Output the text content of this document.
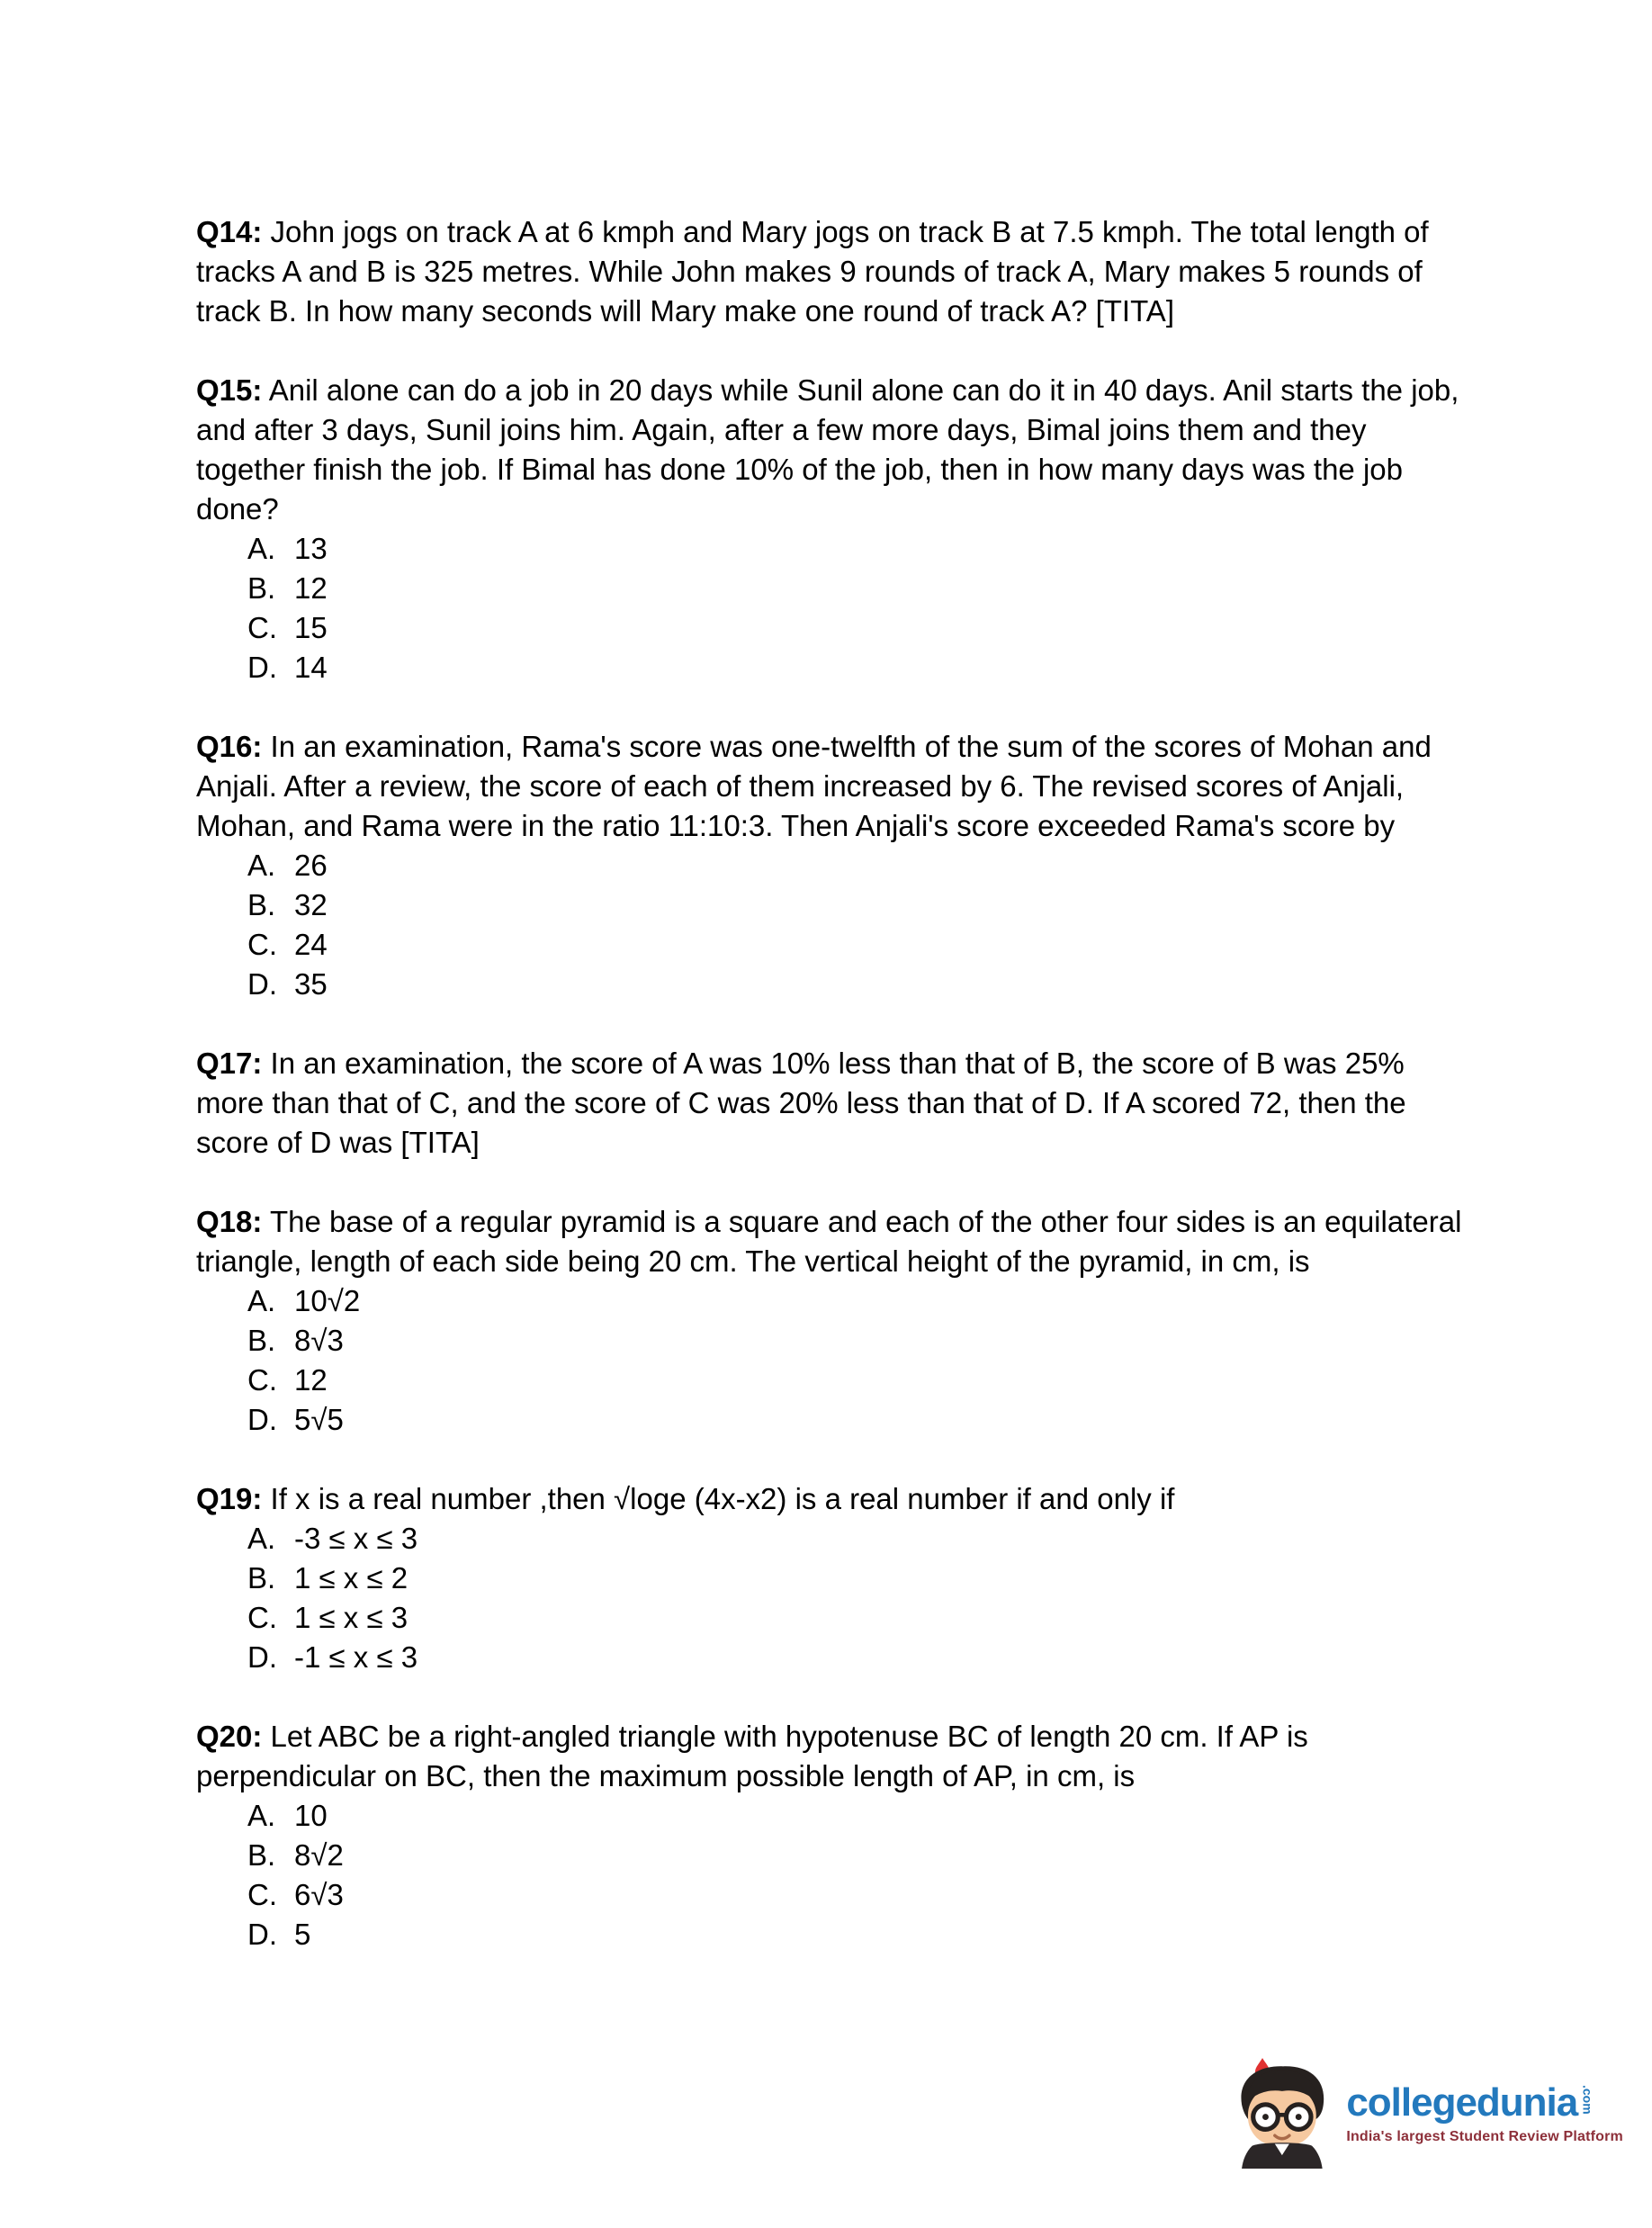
Q14: John jogs on track A at 6 kmph and Mary jogs on track B at 7.5 kmph. The total length of tracks A and B is 325 metres. While John makes 9 rounds of track A, Mary makes 5 rounds of track B. In how many seconds will Mary make one round of track A? [TITA]

Q15: Anil alone can do a job in 20 days while Sunil alone can do it in 40 days. Anil starts the job, and after 3 days, Sunil joins him. Again, after a few more days, Bimal joins them and they together finish the job. If Bimal has done 10% of the job, then in how many days was the job done?

A. 13
B. 12
C. 15
D. 14

Q16: In an examination, Rama's score was one-twelfth of the sum of the scores of Mohan and Anjali. After a review, the score of each of them increased by 6. The revised scores of Anjali, Mohan, and Rama were in the ratio 11:10:3. Then Anjali's score exceeded Rama's score by

A. 26
B. 32
C. 24
D. 35

Q17: In an examination, the score of A was 10% less than that of B, the score of B was 25% more than that of C, and the score of C was 20% less than that of D. If A scored 72, then the score of D was [TITA]

Q18: The base of a regular pyramid is a square and each of the other four sides is an equilateral triangle, length of each side being 20 cm. The vertical height of the pyramid, in cm, is

A. 10√2
B. 8√3
C. 12
D. 5√5

Q19: If x is a real number ,then √loge (4x-x2) is a real number if and only if

A. -3 ≤ x ≤ 3
B. 1 ≤ x ≤ 2
C. 1 ≤ x ≤ 3
D. -1 ≤ x ≤ 3

Q20: Let ABC be a right-angled triangle with hypotenuse BC of length 20 cm. If AP is perpendicular on BC, then the maximum possible length of AP, in cm, is

A. 10
B. 8√2
C. 6√3
D. 5
collegedunia .com
India's largest Student Review Platform
